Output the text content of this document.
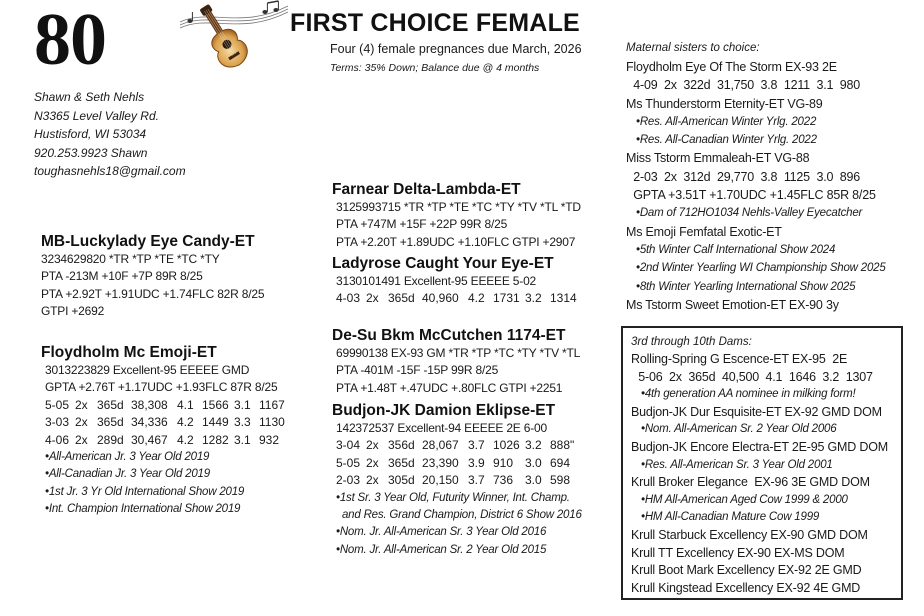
80	FIRST CHOICE FEMALE
Four (4) female pregnances due March, 2026
Terms: 35% Down; Balance due @ 4 months
Shawn & Seth Nehls
N3365 Level Valley Rd.
Hustisford, WI 53034
920.253.9923 Shawn
toughasnehls18@gmail.com
MB-Luckylady Eye Candy-ET
3234629820 *TR *TP *TE *TC *TY
PTA -213M +10F +7P 89R 8/25
PTA +2.92T +1.91UDC +1.74FLC 82R 8/25
GTPI +2692
Floydholm Mc Emoji-ET
3013223829 Excellent-95 EEEEE GMD
GPTA +2.76T +1.17UDC +1.93FLC 87R 8/25
5-05 2x 365d 38,308 4.1 1566 3.1 1167
3-03 2x 365d 34,336 4.2 1449 3.3 1130
4-06 2x 289d 30,467 4.2 1282 3.1 932
•All-American Jr. 3 Year Old 2019
•All-Canadian Jr. 3 Year Old 2019
•1st Jr. 3 Yr Old International Show 2019
•Int. Champion International Show 2019
Farnear Delta-Lambda-ET
3125993715 *TR *TP *TE *TC *TY *TV *TL *TD
PTA +747M +15F +22P 99R 8/25
PTA +2.20T +1.89UDC +1.10FLC GTPI +2907
Ladyrose Caught Your Eye-ET
3130101491 Excellent-95 EEEEE 5-02
4-03 2x 365d 40,960 4.2 1731 3.2 1314
De-Su Bkm McCutchen 1174-ET
69990138 EX-93 GM *TR *TP *TC *TY *TV *TL
PTA -401M -15F -15P 99R 8/25
PTA +1.48T +.47UDC +.80FLC GTPI +2251
Budjon-JK Damion Eklipse-ET
142372537 Excellent-94 EEEEE 2E 6-00
3-04 2x 356d 28,067 3.7 1026 3.2 888"
5-05 2x 365d 23,390 3.9 910 3.0 694
2-03 2x 305d 20,150 3.7 736 3.0 598
•1st Sr. 3 Year Old, Futurity Winner, Int. Champ.
and Res. Grand Champion, District 6 Show 2016
•Nom. Jr. All-American Sr. 3 Year Old 2016
•Nom. Jr. All-American Sr. 2 Year Old 2015
Maternal sisters to choice:
Floydholm Eye Of The Storm EX-93 2E
4-09  2x  322d  31,750  3.8  1211  3.1  980
Ms Thunderstorm Eternity-ET VG-89
•Res. All-American Winter Yrlg. 2022
•Res. All-Canadian Winter Yrlg. 2022
Miss Tstorm Emmaleah-ET VG-88
2-03  2x  312d  29,770  3.8  1125  3.0  896
GPTA +3.51T +1.70UDC +1.45FLC 85R 8/25
•Dam of 712HO1034 Nehls-Valley Eyecatcher
Ms Emoji Femfatal Exotic-ET
•5th Winter Calf International Show 2024
•2nd Winter Yearling WI Championship Show 2025
•8th Winter Yearling International Show 2025
Ms Tstorm Sweet Emotion-ET EX-90 3y
3rd through 10th Dams:
Rolling-Spring G Escence-ET EX-95  2E
5-06  2x  365d  40,500  4.1  1646  3.2  1307
•4th generation AA nominee in milking form!
Budjon-JK Dur Esquisite-ET EX-92 GMD DOM
•Nom. All-American Sr. 2 Year Old 2006
Budjon-JK Encore Electra-ET 2E-95 GMD DOM
•Res. All-American Sr. 3 Year Old 2001
Krull Broker Elegance  EX-96 3E GMD DOM
•HM All-American Aged Cow 1999 & 2000
•HM All-Canadian Mature Cow 1999
Krull Starbuck Excellency EX-90 GMD DOM
Krull TT Excellency EX-90 EX-MS DOM
Krull Boot Mark Excellency EX-92 2E GMD
Krull Kingstead Excellency EX-92 4E GMD
